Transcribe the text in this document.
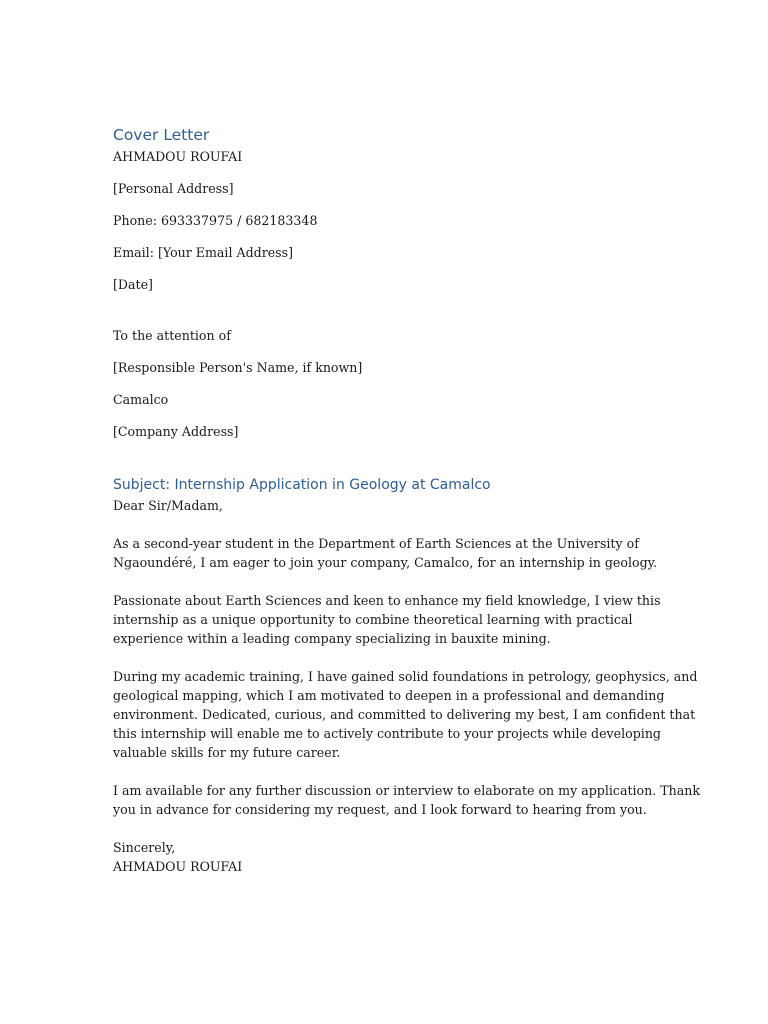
Cover Letter

AHMADOU ROUFAI

[Personal Address]

Phone: 693337975 / 682183348

Email: [Your Email Address]

[Date]

To the attention of

[Responsible Person's Name, if known]

Camalco

[Company Address]

Subject: Internship Application in Geology at Camalco

Dear Sir/Madam,

As a second-year student in the Department of Earth Sciences at the University of
Ngaoundéré, I am eager to join your company, Camalco, for an internship in geology.

Passionate about Earth Sciences and keen to enhance my field knowledge, I view this
internship as a unique opportunity to combine theoretical learning with practical
experience within a leading company specializing in bauxite mining.

During my academic training, I have gained solid foundations in petrology, geophysics, and
geological mapping, which I am motivated to deepen in a professional and demanding
environment. Dedicated, curious, and committed to delivering my best, I am confident that
this internship will enable me to actively contribute to your projects while developing
valuable skills for my future career.

I am available for any further discussion or interview to elaborate on my application. Thank
you in advance for considering my request, and I look forward to hearing from you.

Sincerely,
AHMADOU ROUFAI
